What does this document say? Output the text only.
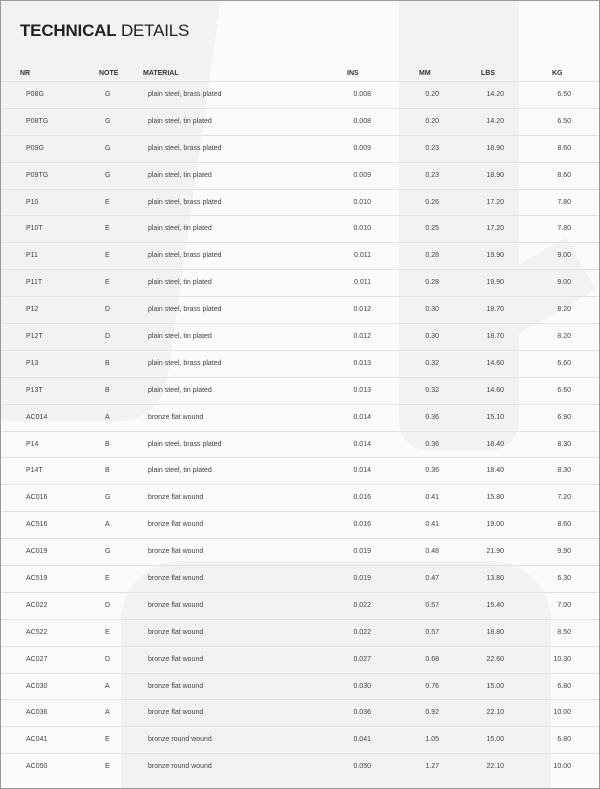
TECHNICAL DETAILS
NR	NOTE	MATERIAL	INS	MM	LBS	KG
P08G	G	plain steel, brass plated	0.008	0.20	14.20	6.50
P08TG	G	plain steel, tin plated	0.008	0.20	14.20	6.50
P09G	G	plain steel, brass plated	0.009	0.23	18.90	8.60
P09TG	G	plain steel, tin plated	0.009	0.23	18.90	8.60
P10	E	plain steel, brass plated	0.010	0.26	17.20	7.80
P10T	E	plain steel, tin plated	0.010	0.25	17.20	7.80
P11	E	plain steel, brass plated	0.011	0.28	19.90	9.00
P11T	E	plain steel, tin plated	0.011	0.28	19.90	9.00
P12	D	plain steel, brass plated	0.012	0.30	18.70	8.20
P12T	D	plain steel, tin plated	0.012	0.30	18.70	8.20
P13	B	plain steel, brass plated	0.013	0.32	14.60	6.60
P13T	B	plain steel, tin plated	0.013	0.32	14.60	6.60
AC014	A	bronze flat wound	0.014	0.36	15.10	6.90
P14	B	plain steel, brass plated	0.014	0.36	18.40	8.30
P14T	B	plain steel, tin plated	0.014	0.36	18.40	8.30
AC016	G	bronze flat wound	0.016	0.41	15.80	7.20
AC516	A	bronze flat wound	0.016	0.41	19.00	8.60
AC019	G	bronze flat wound	0.019	0.48	21.90	9.90
AC519	E	bronze flat wound	0.019	0.47	13.80	6.30
AC022	D	bronze flat wound	0.022	0.57	15.40	7.00
AC522	E	bronze flat wound	0.022	0.57	18.80	8.50
AC027	D	bronze flat wound	0.027	0.68	22.60	10.30
AC030	A	bronze flat wound	0.030	0.76	15.00	6.80
AC036	A	bronze flat wound	0.036	0.92	22.10	10.00
AC041	E	bronze round wound	0.041	1.05	15.00	6.80
AC050	E	bronze round wound	0.050	1.27	22.10	10.00
